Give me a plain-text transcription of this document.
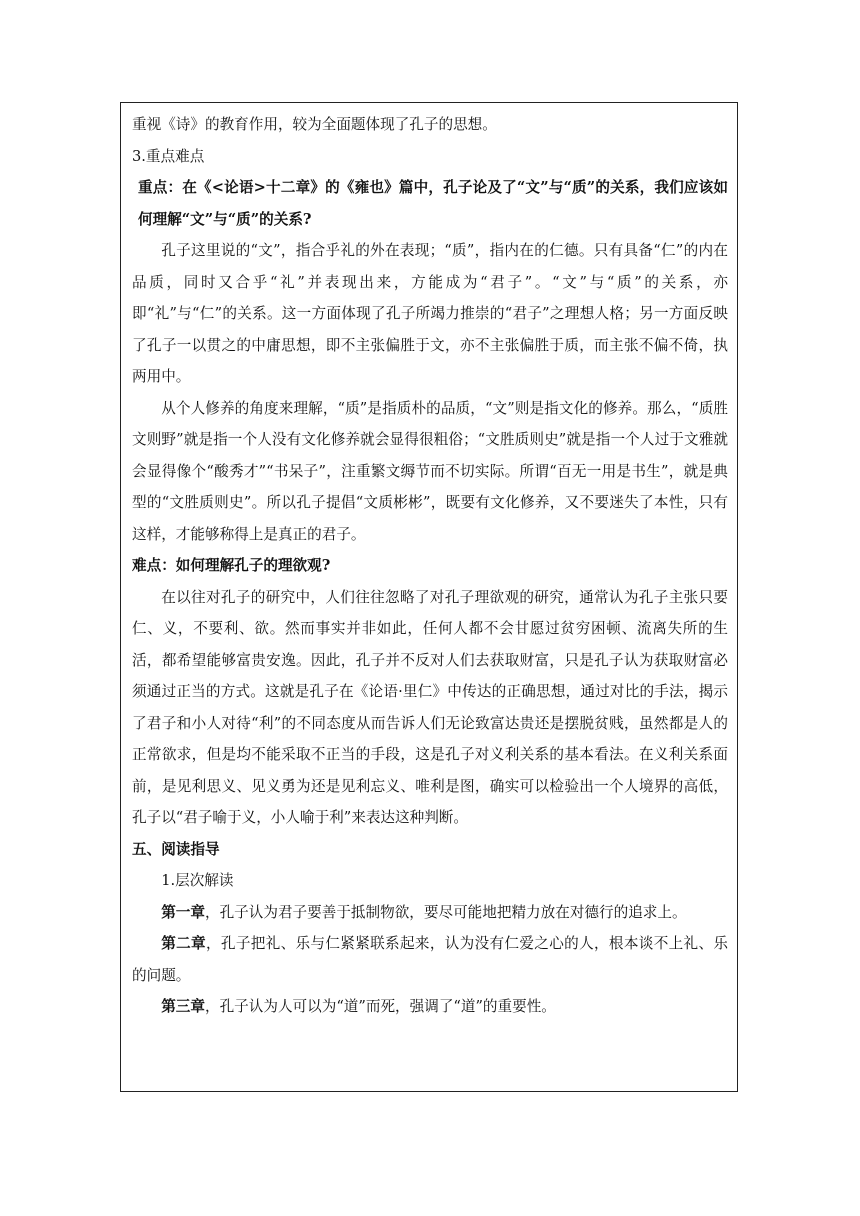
重视《诗》的教育作用，较为全面题体现了孔子的思想。

3.重点难点

重点：在《<论语>十二章》的《雍也》篇中，孔子论及了“文”与“质”的关系，我们应该如何理解“文”与“质”的关系?

孔子这里说的“文”，指合乎礼的外在表现；“质”，指内在的仁德。只有具备“仁”的内在品质，同时又合乎“礼”并表现出来，方能成为“君子”。“文”与“质”的关系，亦即“礼”与“仁”的关系。这一方面体现了孔子所竭力推崇的“君子”之理想人格；另一方面反映了孔子一以贯之的中庸思想，即不主张偏胜于文，亦不主张偏胜于质，而主张不偏不倚，执两用中。

从个人修养的角度来理解，“质”是指质朴的品质，“文”则是指文化的修养。那么，“质胜文则野”就是指一个人没有文化修养就会显得很粗俗；“文胜质则史”就是指一个人过于文雅就会显得像个“酸秀才”“书呆子”，注重繁文缛节而不切实际。所谓“百无一用是书生”，就是典型的“文胜质则史”。所以孔子提倡“文质彬彬”，既要有文化修养，又不要迷失了本性，只有这样，才能够称得上是真正的君子。

难点：如何理解孔子的理欲观?

在以往对孔子的研究中，人们往往忽略了对孔子理欲观的研究，通常认为孔子主张只要仁、义，不要利、欲。然而事实并非如此，任何人都不会甘愿过贫穷困顿、流离失所的生活，都希望能够富贵安逸。因此，孔子并不反对人们去获取财富，只是孔子认为获取财富必须通过正当的方式。这就是孔子在《论语·里仁》中传达的正确思想，通过对比的手法，揭示了君子和小人对待“利”的不同态度从而告诉人们无论致富达贵还是摆脱贫贱，虽然都是人的正常欲求，但是均不能采取不正当的手段，这是孔子对义利关系的基本看法。在义利关系面前，是见利思义、见义勇为还是见利忘义、唯利是图，确实可以检验出一个人境界的高低，孔子以“君子喻于义，小人喻于利”来表达这种判断。

五、阅读指导

1.层次解读

第一章，孔子认为君子要善于抵制物欲，要尽可能地把精力放在对德行的追求上。

第二章，孔子把礼、乐与仁紧紧联系起来，认为没有仁爱之心的人，根本谈不上礼、乐的问题。

第三章，孔子认为人可以为“道”而死，强调了“道”的重要性。
